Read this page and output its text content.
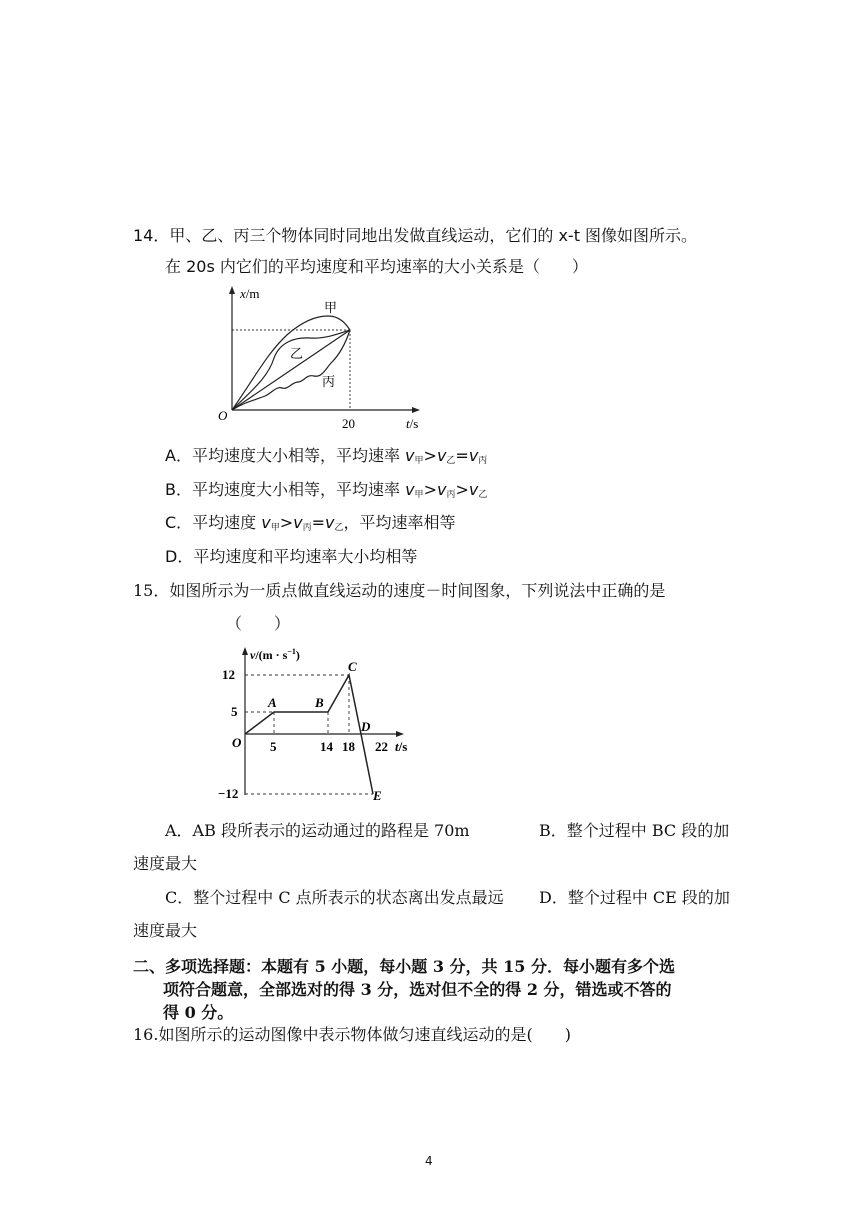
14．甲、乙、丙三个物体同时同地出发做直线运动，它们的 x-t 图像如图所示。
在 20s 内它们的平均速度和平均速率的大小关系是（　　）
x/m
甲
乙
丙
O
20	t/s
A．平均速度大小相等，平均速率 $v_甲>v_乙=v_丙$
B．平均速度大小相等，平均速率 $v_甲>v_丙>v_乙$
C．平均速度 $v_甲>v_丙=v_乙$，平均速率相等
D．平均速度和平均速率大小均相等
15．如图所示为一质点做直线运动的速度－时间图象，下列说法中正确的是
（　　）
$v/(m \cdot s^{-1})$
12
5
−12
O
A	B
C
D
E
5	14 18 22 t/s
A．AB 段所表示的运动通过的路程是 70m	B．整个过程中 BC 段的加
速度最大
C．整个过程中 C 点所表示的状态离出发点最远 D．整个过程中 CE 段的加
速度最大
二、多项选择题：本题有 5 小题，每小题 3 分，共 15 分．每小题有多个选
项符合题意，全部选对的得 3 分，选对但不全的得 2 分，错选或不答的
得 0 分。
16.如图所示的运动图像中表示物体做匀速直线运动的是(　　)
4
